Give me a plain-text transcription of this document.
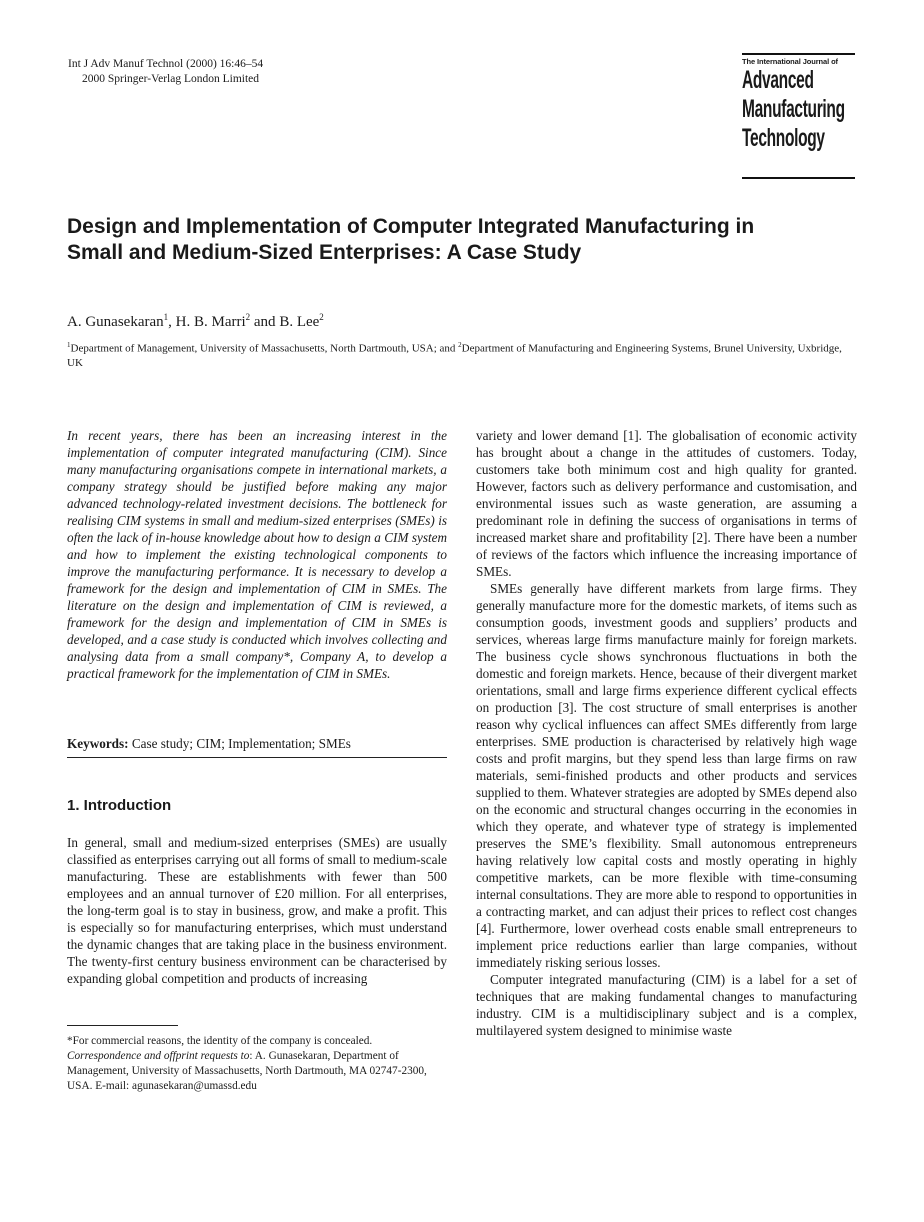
Int J Adv Manuf Technol (2000) 16:46–54
2000 Springer-Verlag London Limited
The International Journal of
Advanced
Manufacturing
Technology
Design and Implementation of Computer Integrated Manufacturing in Small and Medium-Sized Enterprises: A Case Study
A. Gunasekaran$^1$, H. B. Marri$^2$ and B. Lee$^2$
$^1$Department of Management, University of Massachusetts, North Dartmouth, USA; and $^2$Department of Manufacturing and Engineering Systems, Brunel University, Uxbridge, UK
In recent years, there has been an increasing interest in the implementation of computer integrated manufacturing (CIM). Since many manufacturing organisations compete in international markets, a company strategy should be justified before making any major advanced technology-related investment decisions. The bottleneck for realising CIM systems in small and medium-sized enterprises (SMEs) is often the lack of in-house knowledge about how to design a CIM system and how to implement the existing technological components to improve the manufacturing performance. It is necessary to develop a framework for the design and implementation of CIM in SMEs. The literature on the design and implementation of CIM is reviewed, a framework for the design and implementation of CIM in SMEs is developed, and a case study is conducted which involves collecting and analysing data from a small company*, Company A, to develop a practical framework for the implementation of CIM in SMEs.
Keywords: Case study; CIM; Implementation; SMEs
1. Introduction
In general, small and medium-sized enterprises (SMEs) are usually classified as enterprises carrying out all forms of small to medium-scale manufacturing. These are establishments with fewer than 500 employees and an annual turnover of £20 million. For all enterprises, the long-term goal is to stay in business, grow, and make a profit. This is especially so for manufacturing enterprises, which must understand the dynamic changes that are taking place in the business environment. The twenty-first century business environment can be characterised by expanding global competition and products of increasing

*For commercial reasons, the identity of the company is concealed.

Correspondence and offprint requests to: A. Gunasekaran, Department of Management, University of Massachusetts, North Dartmouth, MA 02747-2300, USA. E-mail: agunasekaran@umassd.edu

variety and lower demand [1]. The globalisation of economic activity has brought about a change in the attitudes of customers. Today, customers take both minimum cost and high quality for granted. However, factors such as delivery performance and customisation, and environmental issues such as waste generation, are assuming a predominant role in defining the success of organisations in terms of increased market share and profitability [2]. There have been a number of reviews of the factors which influence the increasing importance of SMEs.

SMEs generally have different markets from large firms. They generally manufacture more for the domestic markets, of items such as consumption goods, investment goods and suppliers’ products and services, whereas large firms manufacture mainly for foreign markets. The business cycle shows synchronous fluctuations in both the domestic and foreign markets. Hence, because of their divergent market orientations, small and large firms experience different cyclical effects on production [3]. The cost structure of small enterprises is another reason why cyclical influences can affect SMEs differently from large enterprises. SME production is characterised by relatively high wage costs and profit margins, but they spend less than large firms on raw materials, semi-finished products and other products and services supplied to them. Whatever strategies are adopted by SMEs depend also on the economic and structural changes occurring in the economies in which they operate, and whatever type of strategy is implemented preserves the SME’s flexibility. Small autonomous entrepreneurs having relatively low capital costs and mostly operating in highly competitive markets, can be more flexible with time-consuming internal consultations. They are more able to respond to opportunities in a contracting market, and can adjust their prices to reflect cost changes [4]. Furthermore, lower overhead costs enable small entrepreneurs to implement price reductions earlier than large companies, without immediately risking serious losses.

Computer integrated manufacturing (CIM) is a label for a set of techniques that are making fundamental changes to manufacturing industry. CIM is a multidisciplinary subject and is a complex, multilayered system designed to minimise waste
